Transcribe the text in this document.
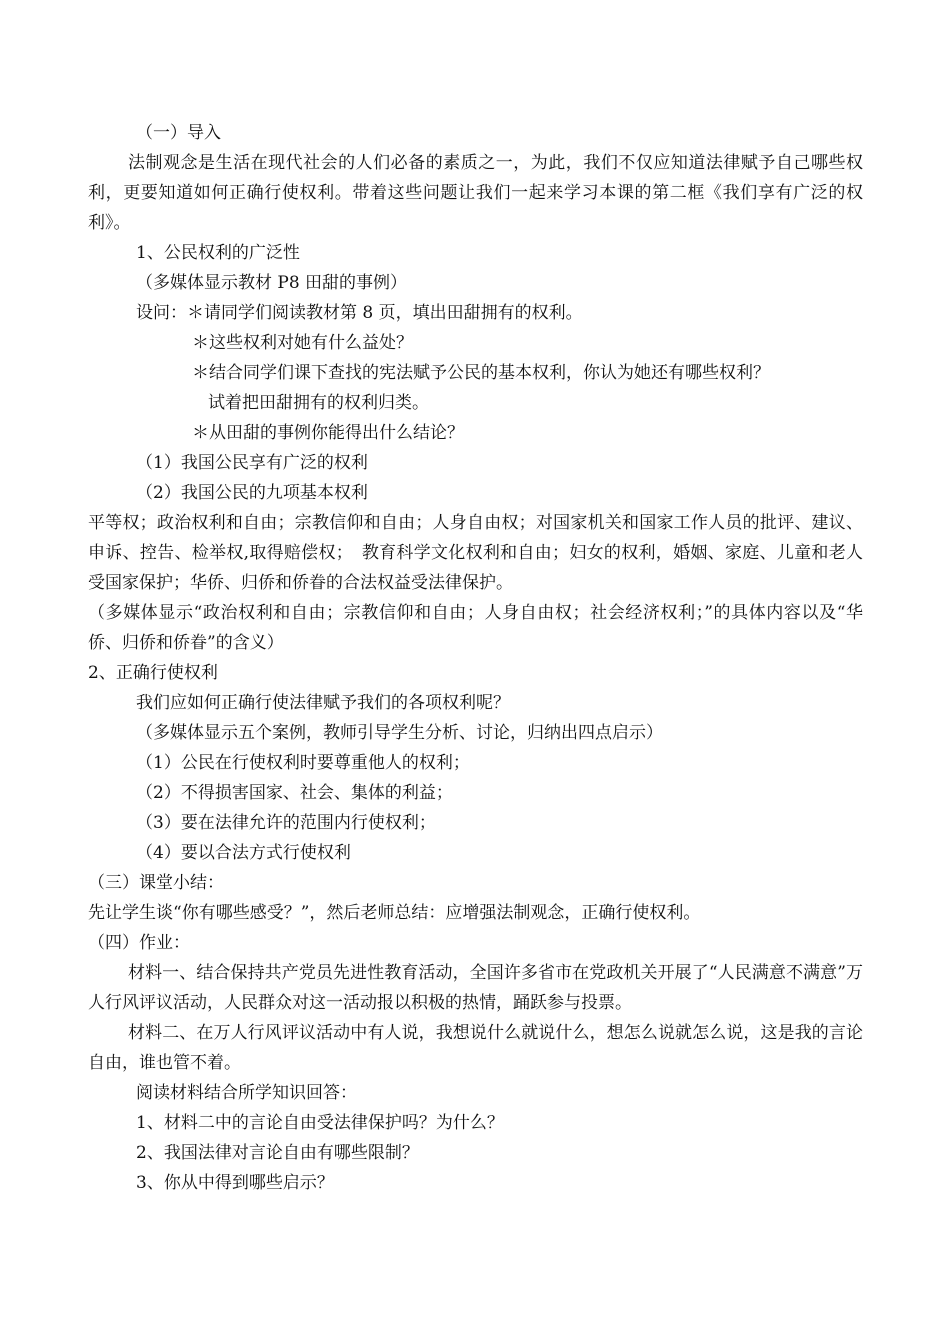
（一）导入
法制观念是生活在现代社会的人们必备的素质之一，为此，我们不仅应知道法律赋予自己哪些权利，更要知道如何正确行使权利。带着这些问题让我们一起来学习本课的第二框《我们享有广泛的权利》。
1、公民权利的广泛性
（多媒体显示教材 P8 田甜的事例）
设问：＊请同学们阅读教材第 8 页，填出田甜拥有的权利。
＊这些权利对她有什么益处？
＊结合同学们课下查找的宪法赋予公民的基本权利，你认为她还有哪些权利？
试着把田甜拥有的权利归类。
＊从田甜的事例你能得出什么结论？
（1）我国公民享有广泛的权利
（2）我国公民的九项基本权利
平等权；政治权利和自由；宗教信仰和自由；人身自由权；对国家机关和国家工作人员的批评、建议、申诉、控告、检举权,取得赔偿权；　教育科学文化权利和自由；妇女的权利，婚姻、家庭、儿童和老人受国家保护；华侨、归侨和侨眷的合法权益受法律保护。
（多媒体显示“政治权利和自由；宗教信仰和自由；人身自由权；社会经济权利；”的具体内容以及“华侨、归侨和侨眷”的含义）
2、正确行使权利
我们应如何正确行使法律赋予我们的各项权利呢？
（多媒体显示五个案例，教师引导学生分析、讨论，归纳出四点启示）
（1）公民在行使权利时要尊重他人的权利；
（2）不得损害国家、社会、集体的利益；
（3）要在法律允许的范围内行使权利；
（4）要以合法方式行使权利
（三）课堂小结：
先让学生谈“你有哪些感受？”，然后老师总结：应增强法制观念，正确行使权利。
（四）作业：
材料一、结合保持共产党员先进性教育活动，全国许多省市在党政机关开展了“人民满意不满意”万人行风评议活动，人民群众对这一活动报以积极的热情，踊跃参与投票。
材料二、在万人行风评议活动中有人说，我想说什么就说什么，想怎么说就怎么说，这是我的言论自由，谁也管不着。
阅读材料结合所学知识回答：
1、材料二中的言论自由受法律保护吗？为什么？
2、我国法律对言论自由有哪些限制？
3、你从中得到哪些启示？
